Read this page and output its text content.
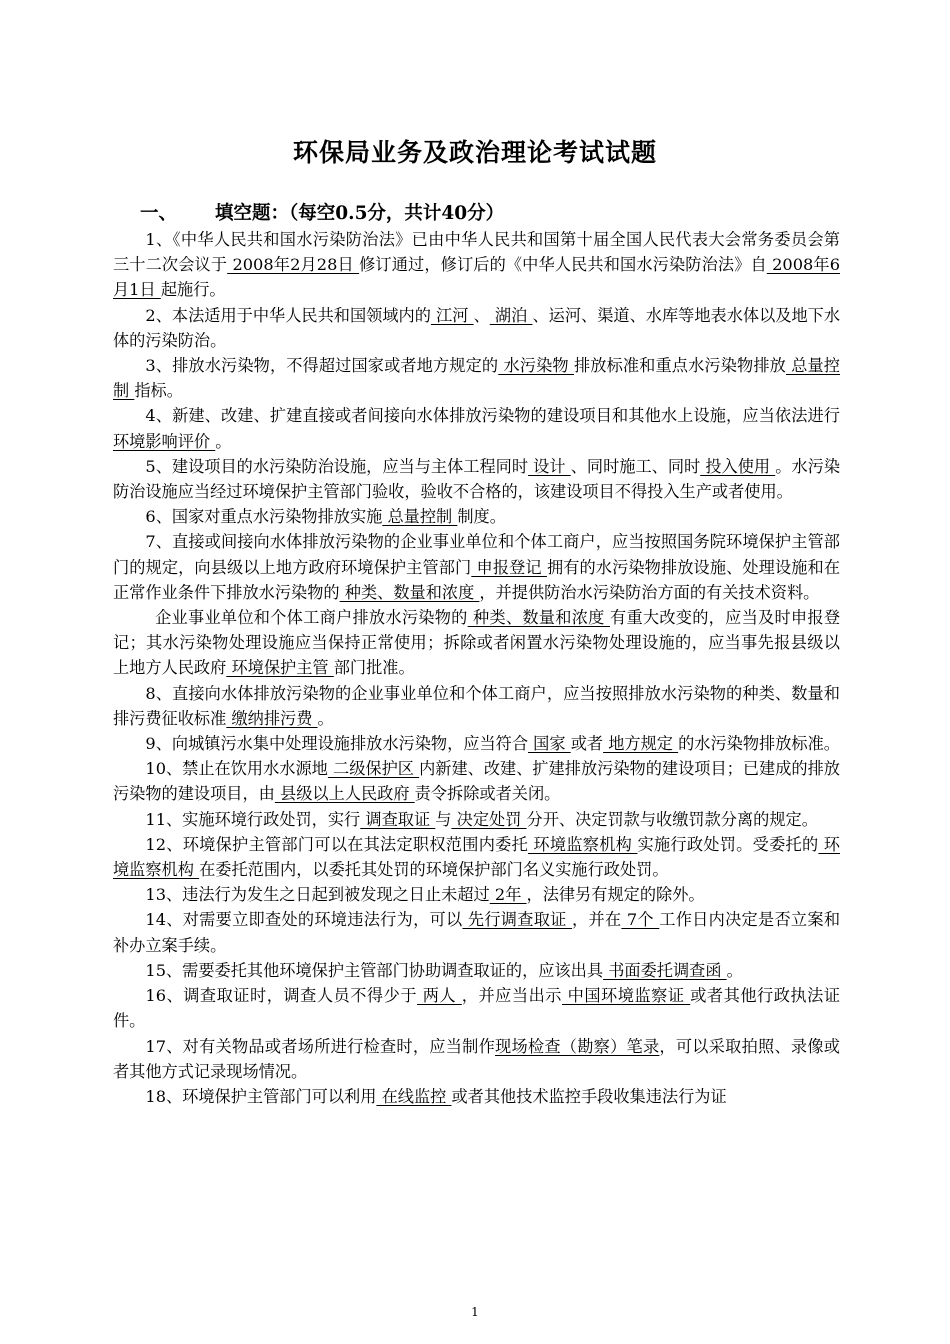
环保局业务及政治理论考试试题
一、 填空题：（每空0.5分，共计40分）

1、《中华人民共和国水污染防治法》已由中华人民共和国第十届全国人民代表大会常务委员会第三十二次会议于 2008年2月28日 修订通过，修订后的《中华人民共和国水污染防治法》自 2008年6月1日 起施行。

2、本法适用于中华人民共和国领域内的 江河 、 湖泊 、运河、渠道、水库等地表水体以及地下水体的污染防治。

3、排放水污染物，不得超过国家或者地方规定的 水污染物 排放标准和重点水污染物排放 总量控制 指标。

4、新建、改建、扩建直接或者间接向水体排放污染物的建设项目和其他水上设施，应当依法进行 环境影响评价 。

5、建设项目的水污染防治设施，应当与主体工程同时 设计 、同时施工、同时 投入使用 。水污染防治设施应当经过环境保护主管部门验收，验收不合格的，该建设项目不得投入生产或者使用。

6、国家对重点水污染物排放实施 总量控制 制度。

7、直接或间接向水体排放污染物的企业事业单位和个体工商户，应当按照国务院环境保护主管部门的规定，向县级以上地方政府环境保护主管部门 申报登记 拥有的水污染物排放设施、处理设施和在正常作业条件下排放水污染物的 种类、数量和浓度 ，并提供防治水污染防治方面的有关技术资料。

企业事业单位和个体工商户排放水污染物的 种类、数量和浓度 有重大改变的，应当及时申报登记；其水污染物处理设施应当保持正常使用；拆除或者闲置水污染物处理设施的，应当事先报县级以上地方人民政府 环境保护主管 部门批准。

8、直接向水体排放污染物的企业事业单位和个体工商户，应当按照排放水污染物的种类、数量和排污费征收标准 缴纳排污费 。

9、向城镇污水集中处理设施排放水污染物，应当符合 国家 或者 地方规定 的水污染物排放标准。

10、禁止在饮用水水源地 二级保护区 内新建、改建、扩建排放污染物的建设项目；已建成的排放污染物的建设项目，由 县级以上人民政府 责令拆除或者关闭。

11、实施环境行政处罚，实行 调查取证 与 决定处罚 分开、决定罚款与收缴罚款分离的规定。

12、环境保护主管部门可以在其法定职权范围内委托 环境监察机构 实施行政处罚。受委托的 环境监察机构 在委托范围内，以委托其处罚的环境保护部门名义实施行政处罚。

13、违法行为发生之日起到被发现之日止未超过 2年 ，法律另有规定的除外。

14、对需要立即查处的环境违法行为，可以 先行调查取证 ，并在 7个 工作日内决定是否立案和补办立案手续。

15、需要委托其他环境保护主管部门协助调查取证的，应该出具 书面委托调查函 。

16、调查取证时，调查人员不得少于 两人 ，并应当出示 中国环境监察证 或者其他行政执法证件。

17、对有关物品或者场所进行检查时，应当制作现场检查（勘察）笔录，可以采取拍照、录像或者其他方式记录现场情况。

18、环境保护主管部门可以利用 在线监控 或者其他技术监控手段收集违法行为证

1
